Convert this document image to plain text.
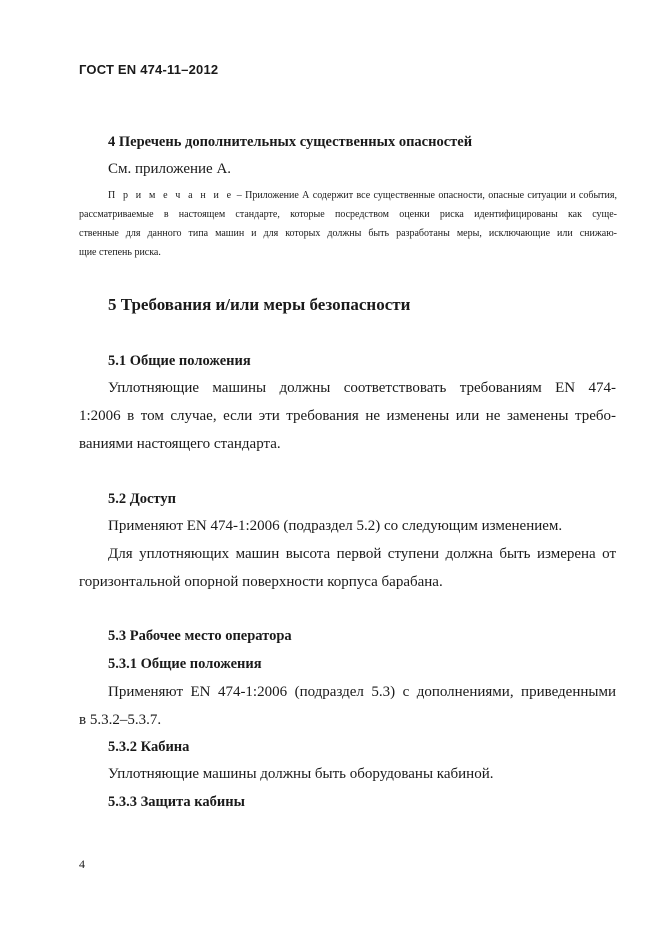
ГОСТ EN 474-11–2012
4 Перечень дополнительных существенных опасностей
См. приложение А.
П р и м е ч а н и е – Приложение А содержит все существенные опасности, опасные ситуации и события,
рассматриваемые в настоящем стандарте, которые посредством оценки риска идентифицированы как суще-
ственные для данного типа машин и для которых должны быть разработаны меры, исключающие или снижаю-
щие степень риска.
5 Требования и/или меры безопасности
5.1 Общие положения
Уплотняющие машины должны соответствовать требованиям EN 474-
1:2006 в том случае, если эти требования не изменены или не заменены требо-
ваниями настоящего стандарта.
5.2 Доступ
Применяют EN 474-1:2006 (подраздел 5.2) со следующим изменением.
Для уплотняющих машин высота первой ступени должна быть измерена от
горизонтальной опорной поверхности корпуса барабана.
5.3 Рабочее место оператора
5.3.1 Общие положения
Применяют EN 474-1:2006 (подраздел 5.3) с дополнениями, приведенными
в 5.3.2–5.3.7.
5.3.2 Кабина
Уплотняющие машины должны быть оборудованы кабиной.
5.3.3 Защита кабины
4
